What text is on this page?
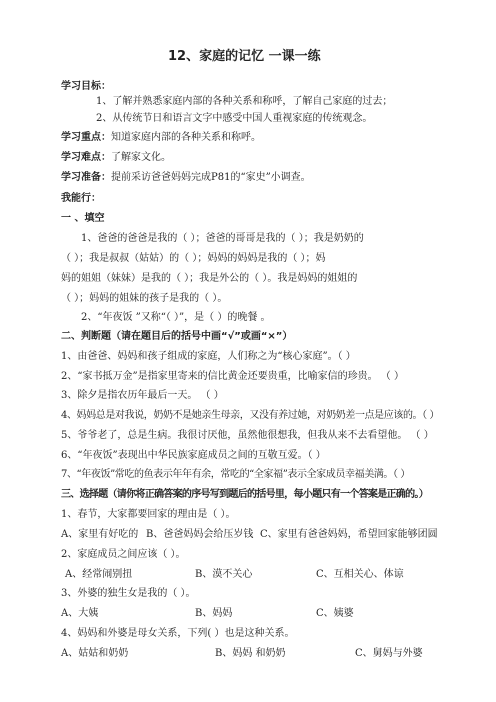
12、家庭的记忆 一课一练
学习目标：
1、了解并熟悉家庭内部的各种关系和称呼，了解自己家庭的过去；
2、从传统节日和语言文字中感受中国人重视家庭的传统观念。
学习重点：知道家庭内部的各种关系和称呼。
学习难点：了解家文化。
学习准备：提前采访爸爸妈妈完成P81的“家史”小调查。
我能行：
一 、填空
1、爸爸的爸爸是我的（ ）；爸爸的哥哥是我的（ ）；我是奶奶的
（ ）；我是叔叔（姑姑）的（ ）；妈妈的妈妈是我的（ ）；妈
妈的姐姐（妹妹）是我的（ ）；我是外公的（ ）。我是妈妈的姐姐的
（ ）；妈妈的姐妹的孩子是我的（ ）。
2、“年夜饭 ”又称“（ ）”，是（ ）的晚餐 。
二、判断题（请在题目后的括号中画“√”或画“×”）
1、由爸爸、妈妈和孩子组成的家庭，人们称之为“核心家庭”。（ ）
2、“家书抵万金”是指家里寄来的信比黄金还要贵重，比喻家信的珍贵。 （ ）
3、除夕是指农历年最后一天。 （ ）
4、妈妈总是对我说，奶奶不是她亲生母亲，又没有养过她，对奶奶差一点是应该的。（ ）
5、爷爷老了，总是生病。我很讨厌他，虽然他很想我，但我从来不去看望他。 （ ）
6、“年夜饭”表现出中华民族家庭成员之间的互敬互爱。（ ）
7、“年夜饭”常吃的鱼表示年年有余，常吃的“全家福”表示全家成员幸福美满。（ ）
三、选择题（请你将正确答案的序号写到题后的括号里，每小题只有一个答案是正确的。）
1、春节，大家都要回家的理由是（ ）。
A、家里有好吃的 B、爸爸妈妈会给压岁钱 C、家里有爸爸妈妈，希望回家能够团圆
2、家庭成员之间应该（ ）。
A、经常闹别扭	B、漠不关心	C、互相关心、体谅
3、外婆的独生女是我的（ ）。
A、大姨	B、妈妈	C、姨婆
4、妈妈和外婆是母女关系，下列( ）也是这种关系。
A、姑姑和奶奶	B、妈妈 和奶奶	C、舅妈与外婆
